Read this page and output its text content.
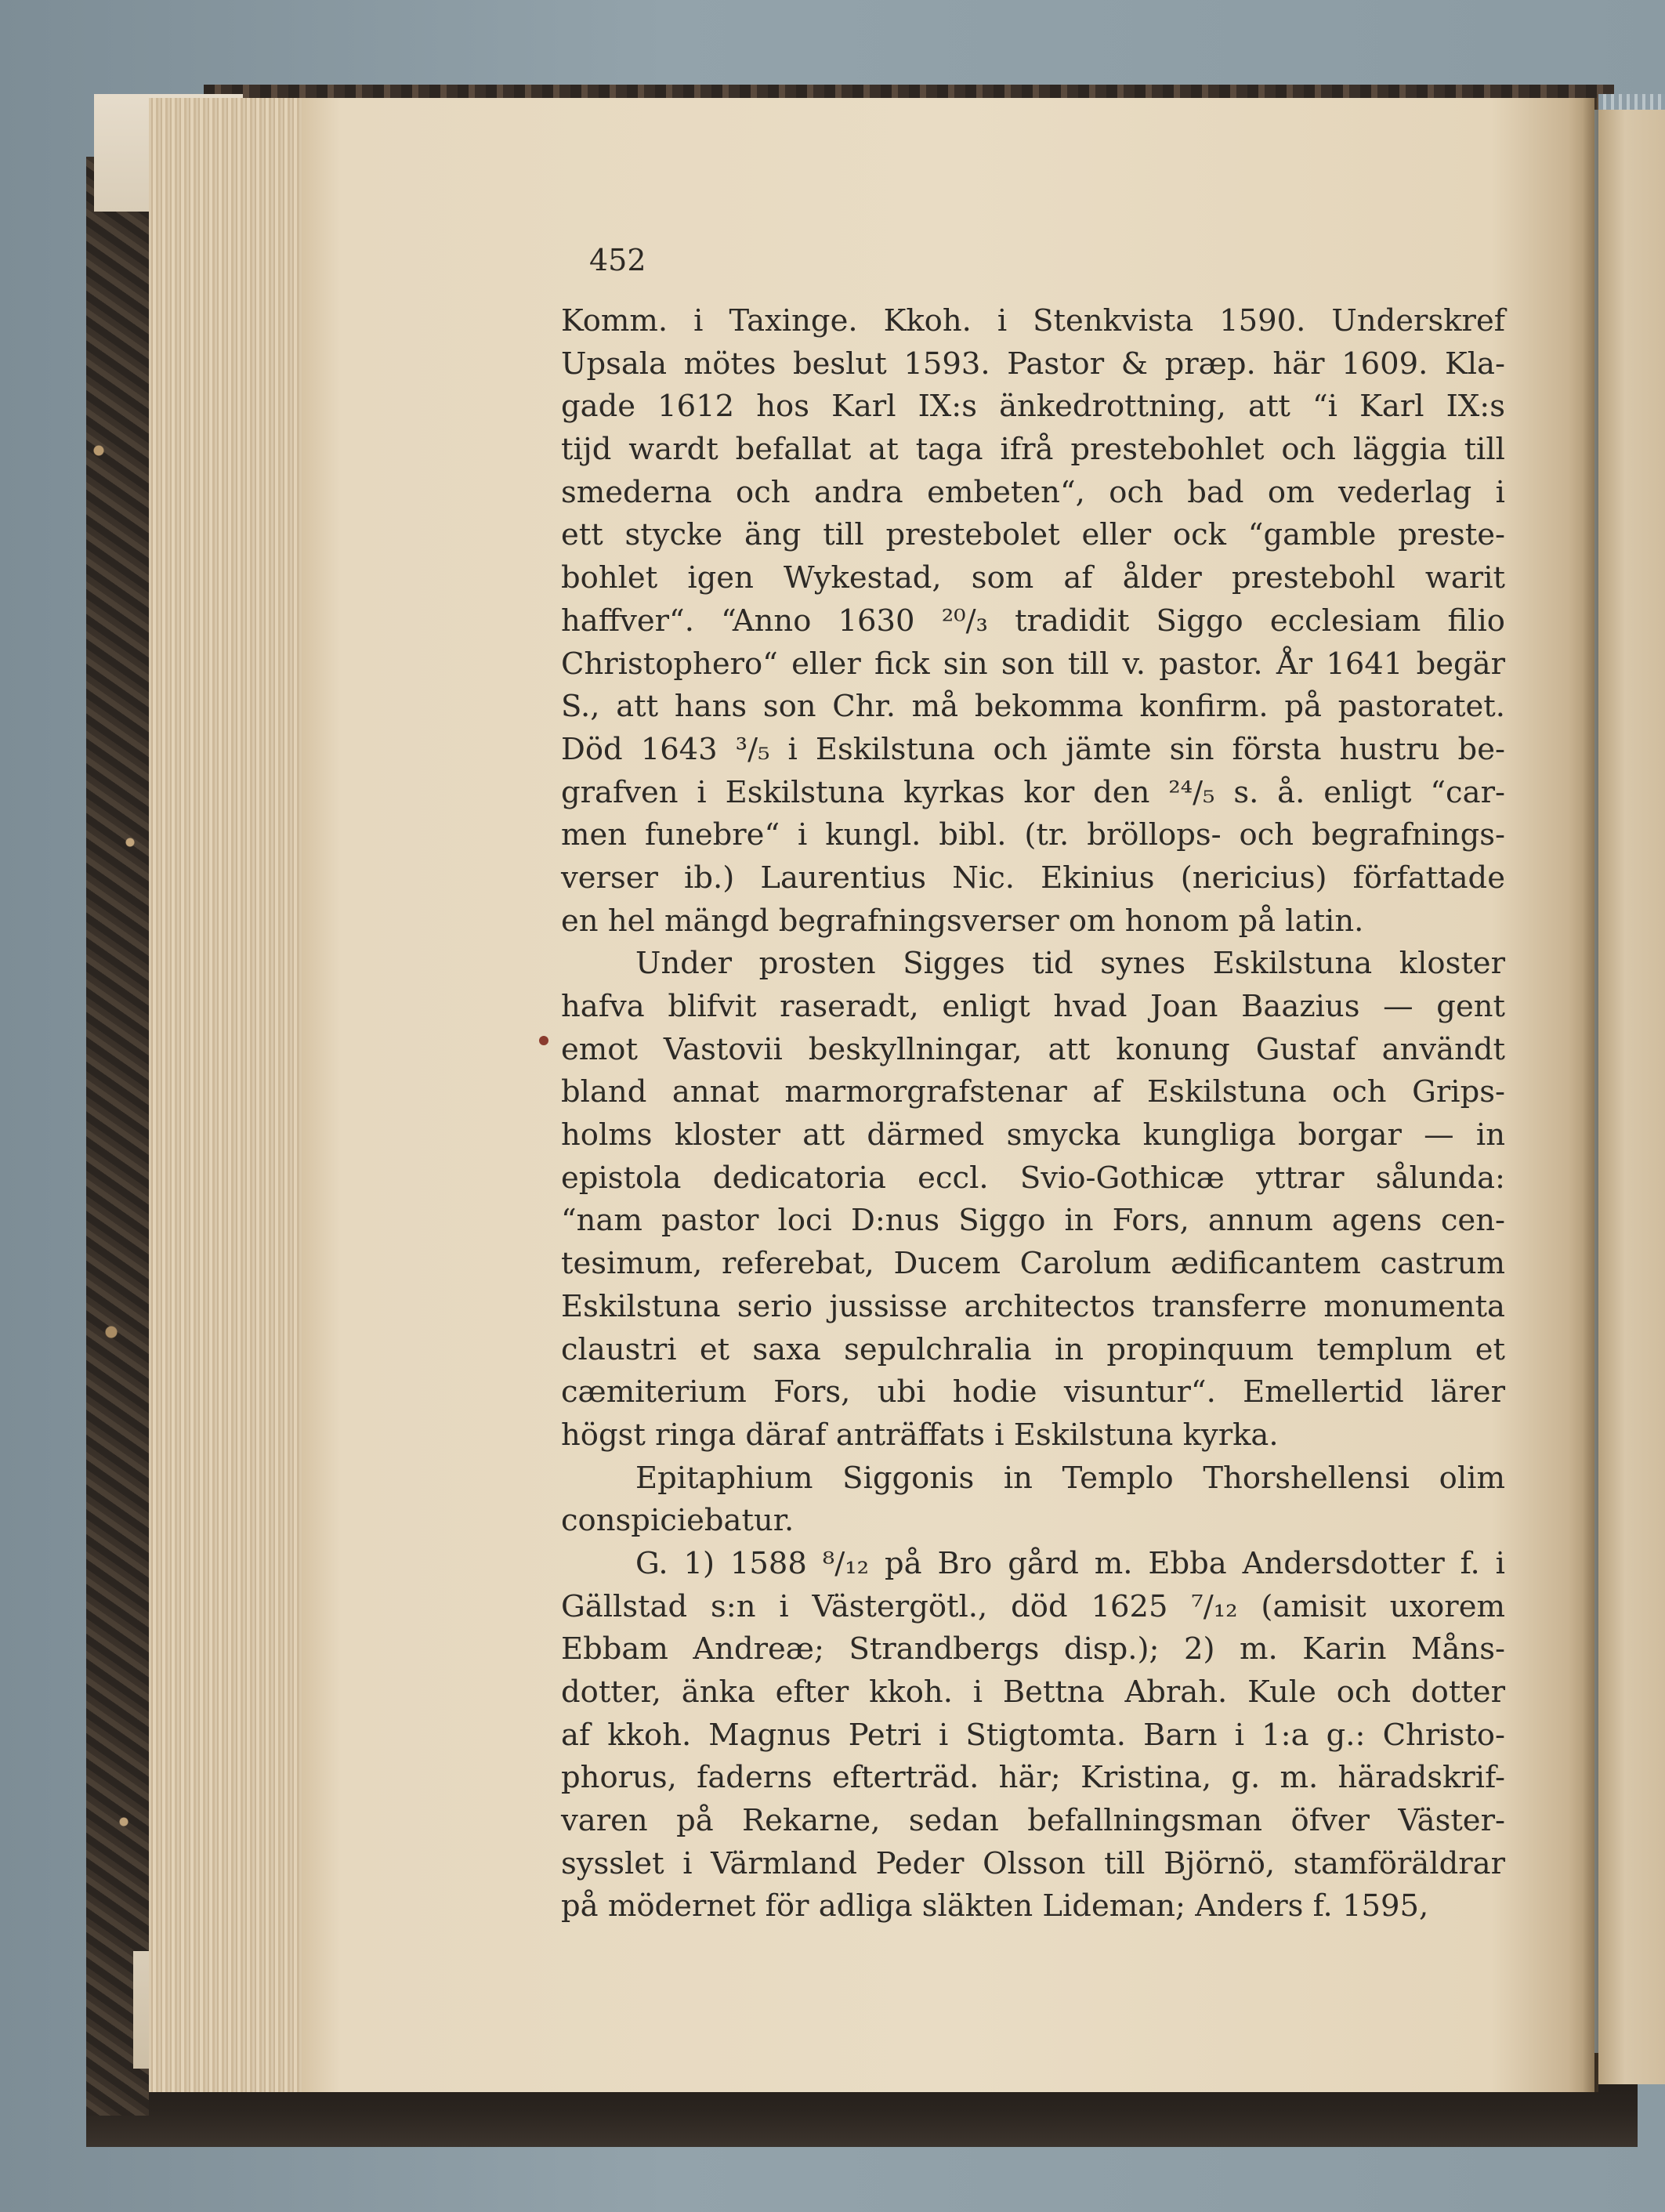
452
Komm. i Taxinge. Kkoh. i Stenkvista 1590. Underskref
Upsala mötes beslut 1593. Pastor & præp. här 1609. Kla-
gade 1612 hos Karl IX:s änkedrottning, att “i Karl IX:s
tijd wardt befallat at taga ifrå prestebohlet och läggia till
smederna och andra embeten“, och bad om vederlag i
ett stycke äng till prestebolet eller ock “gamble preste-
bohlet igen Wykestad, som af ålder prestebohl warit
haffver“. “Anno 1630 ²⁰/₃ tradidit Siggo ecclesiam filio
Christophero“ eller fick sin son till v. pastor. År 1641 begär
S., att hans son Chr. må bekomma konfirm. på pastoratet.
Död 1643 ³/₅ i Eskilstuna och jämte sin första hustru be-
grafven i Eskilstuna kyrkas kor den ²⁴/₅ s. å. enligt “car-
men funebre“ i kungl. bibl. (tr. bröllops- och begrafnings-
verser ib.) Laurentius Nic. Ekinius (nericius) författade
en hel mängd begrafningsverser om honom på latin.
Under prosten Sigges tid synes Eskilstuna kloster
hafva blifvit raseradt, enligt hvad Joan Baazius — gent
emot Vastovii beskyllningar, att konung Gustaf användt
bland annat marmorgrafstenar af Eskilstuna och Grips-
holms kloster att därmed smycka kungliga borgar — in
epistola dedicatoria eccl. Svio-Gothicæ yttrar sålunda:
“nam pastor loci D:nus Siggo in Fors, annum agens cen-
tesimum, referebat, Ducem Carolum ædificantem castrum
Eskilstuna serio jussisse architectos transferre monumenta
claustri et saxa sepulchralia in propinquum templum et
cæmiterium Fors, ubi hodie visuntur“. Emellertid lärer
högst ringa däraf anträffats i Eskilstuna kyrka.
Epitaphium Siggonis in Templo Thorshellensi olim
conspiciebatur.
G. 1) 1588 ⁸/₁₂ på Bro gård m. Ebba Andersdotter f. i
Gällstad s:n i Västergötl., död 1625 ⁷/₁₂ (amisit uxorem
Ebbam Andreæ; Strandbergs disp.); 2) m. Karin Måns-
dotter, änka efter kkoh. i Bettna Abrah. Kule och dotter
af kkoh. Magnus Petri i Stigtomta. Barn i 1:a g.: Christo-
phorus, faderns efterträd. här; Kristina, g. m. häradskrif-
varen på Rekarne, sedan befallningsman öfver Väster-
sysslet i Värmland Peder Olsson till Björnö, stamföräldrar
på mödernet för adliga släkten Lideman; Anders f. 1595,
